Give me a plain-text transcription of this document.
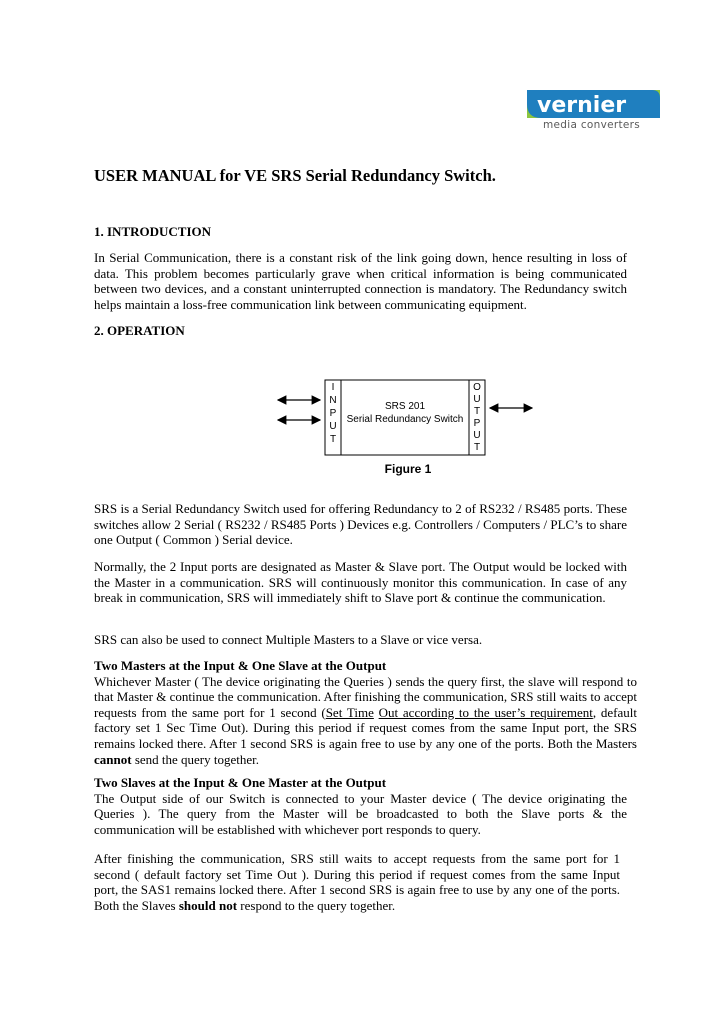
vernier
media converters
USER MANUAL for VE SRS Serial Redundancy Switch.
1. INTRODUCTION

In Serial Communication, there is a constant risk of the link going down, hence resulting in loss of data. This problem becomes particularly grave when critical information is being communicated between two devices, and a constant uninterrupted connection is mandatory. The Redundancy switch helps maintain a loss-free communication link between communicating equipment.

2. OPERATION
I
N
P
U
T
O
U
T
P
U
T
SRS 201
Serial Redundancy Switch
Figure 1

SRS is a Serial Redundancy Switch used for offering Redundancy to 2 of RS232 / RS485 ports. These switches allow 2 Serial ( RS232 / RS485 Ports ) Devices e.g. Controllers / Computers / PLC’s to share one Output ( Common ) Serial device.

Normally, the 2 Input ports are designated as Master & Slave port. The Output would be locked with the Master in a communication. SRS will continuously monitor this communication. In case of any break in communication, SRS will immediately shift to Slave port & continue the communication.

SRS can also be used to connect Multiple Masters to a Slave or vice versa.

Two Masters at the Input & One Slave at the Output
Whichever Master ( The device originating the Queries ) sends the query first, the slave will respond to that Master & continue the communication. After finishing the communication, SRS still waits to accept requests from the same port for 1 second (Set Time Out according to the user’s requirement, default factory set 1 Sec Time Out). During this period if request comes from the same Input port, the SRS remains locked there. After 1 second SRS is again free to use by any one of the ports. Both the Masters cannot send the query together.
Two Slaves at the Input & One Master at the Output
The Output side of our Switch is connected to your Master device ( The device originating the Queries ). The query from the Master will be broadcasted to both the Slave ports & the communication will be established with whichever port responds to query.

After finishing the communication, SRS still waits to accept requests from the same port for 1 second ( default factory set Time Out ). During this period if request comes from the same Input port, the SAS1 remains locked there. After 1 second SRS is again free to use by any one of the ports. Both the Slaves should not respond to the query together.
